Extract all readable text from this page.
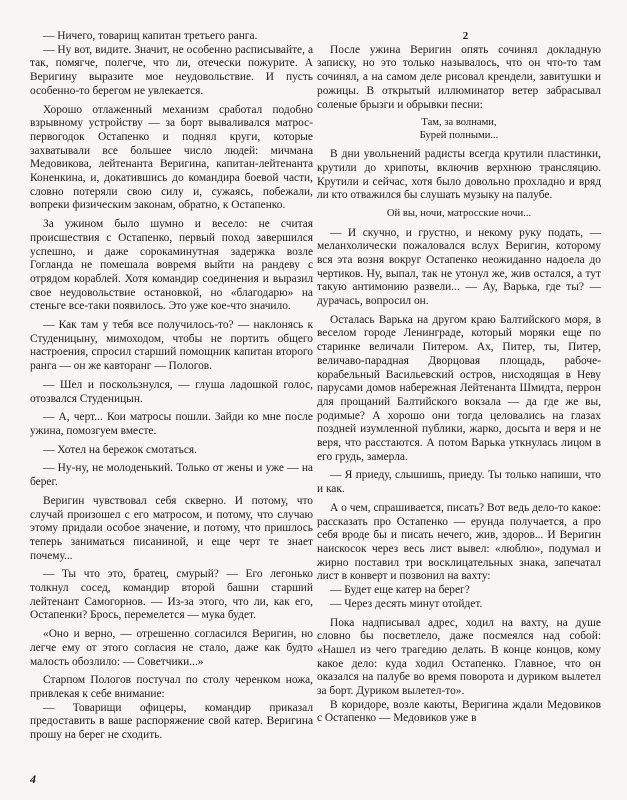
— Ничего, товарищ капитан третьего ранга.

— Ну вот, видите. Значит, не особенно расписывайте, а так, помягче, полегче, что ли, отечески пожурите. А Веригину выразите мое неудовольствие. И пусть особенно-то берегом не увлекается.

Хорошо отлаженный механизм сработал подобно взрывному устройству — за борт вываливался матрос-первогодок Остапенко и поднял круги, которые захватывали все большее число людей: мичмана Медовикова, лейтенанта Веригина, капитан-лейтенанта Коненкина, и, докатившись до командира боевой части, словно потеряли свою силу и, сужаясь, побежали, вопреки физическим законам, обратно, к Остапенко.

За ужином было шумно и весело: не считая происшествия с Остапенко, первый поход завершился успешно, и даже сорокаминутная задержка возле Гогланда не помешала вовремя выйти на рандеву с отрядом кораблей. Хотя командир соединения и выразил свое неудовольствие остановкой, но «благодарю» на стеньге все-таки появилось. Это уже кое-что значило.

— Как там у тебя все получилось-то? — наклонясь к Студеницыну, мимоходом, чтобы не портить общего настроения, спросил старший помощник капитан второго ранга — он же кавторанг — Пологов.

— Шел и поскользнулся, — глуша ладошкой голос, отозвался Студеницын.

— А, черт... Кои матросы пошли. Зайди ко мне после ужина, помозгуем вместе.

— Хотел на бережок смотаться.

— Ну-ну, не молоденький. Только от жены и уже — на берег.

Веригин чувствовал себя скверно. И потому, что случай произошел с его матросом, и потому, что случаю этому придали особое значение, и потому, что пришлось теперь заниматься писаниной, и еще черт те знает почему...

— Ты что это, братец, смурый? — Его легонько толкнул сосед, командир второй башни старший лейтенант Самогорнов. — Из-за этого, что ли, как его, Остапенки? Брось, перемелется — мука будет.

«Оно и верно, — отрешенно согласился Веригин, но легче ему от этого согласия не стало, даже как будто малость обозлило: — Советчики...»

Старпом Пологов постучал по столу черенком ножа, привлекая к себе внимание:

— Товарищи офицеры, командир приказал предоставить в ваше распоряжение свой катер. Веригина прошу на берег не сходить.

2

После ужина Веригин опять сочинял докладную записку, но это только называлось, что он что-то там сочинял, а на самом деле рисовал крендели, завитушки и рожицы. В открытый иллюминатор ветер забрасывал соленые брызги и обрывки песни:

Там, за волнами,
Бурей полными...

В дни увольнений радисты всегда крутили пластинки, крутили до хрипоты, включив верхнюю трансляцию. Крутили и сейчас, хотя было довольно прохладно и вряд ли кто отважился бы слушать музыку на палубе.

Ой вы, ночи, матросские ночи...

— И скучно, и грустно, и некому руку подать, — меланхолически пожаловался вслух Веригин, которому вся эта возня вокруг Остапенко неожиданно надоела до чертиков. Ну, выпал, так не утонул же, жив остался, а тут такую антимонию развели... — Ау, Варька, где ты? — дурачась, вопросил он.

Осталась Варька на другом краю Балтийского моря, в веселом городе Ленинграде, который моряки еще по старинке величали Питером. Ах, Питер, ты, Питер, величаво-парадная Дворцовая площадь, рабоче-корабельный Васильевский остров, нисходящая в Неву парусами домов набережная Лейтенанта Шмидта, перрон для прощаний Балтийского вокзала — да где же вы, родимые? А хорошо они тогда целовались на глазах поздней изумленной публики, жарко, досыта и веря и не веря, что расстаются. А потом Варька уткнулась лицом в его грудь, замерла.

— Я приеду, слышишь, приеду. Ты только напиши, что и как.

А о чем, спрашивается, писать? Вот ведь дело-то какое: рассказать про Остапенко — ерунда получается, а про себя вроде бы и писать нечего, жив, здоров... И Веригин наискосок через весь лист вывел: «люблю», подумал и жирно поставил три восклицательных знака, запечатал лист в конверт и позвонил на вахту:

— Будет еще катер на берег?

— Через десять минут отойдет.

Пока надписывал адрес, ходил на вахту, на душе словно бы посветлело, даже посмеялся над собой: «Нашел из чего трагедию делать. В конце концов, кому какое дело: куда ходил Остапенко. Главное, что он оказался на палубе во время поворота и дуриком вылетел за борт. Дуриком вылетел-то».

В коридоре, возле каюты, Веригина ждали Медовиков с Остапенко — Медовиков уже в

4
